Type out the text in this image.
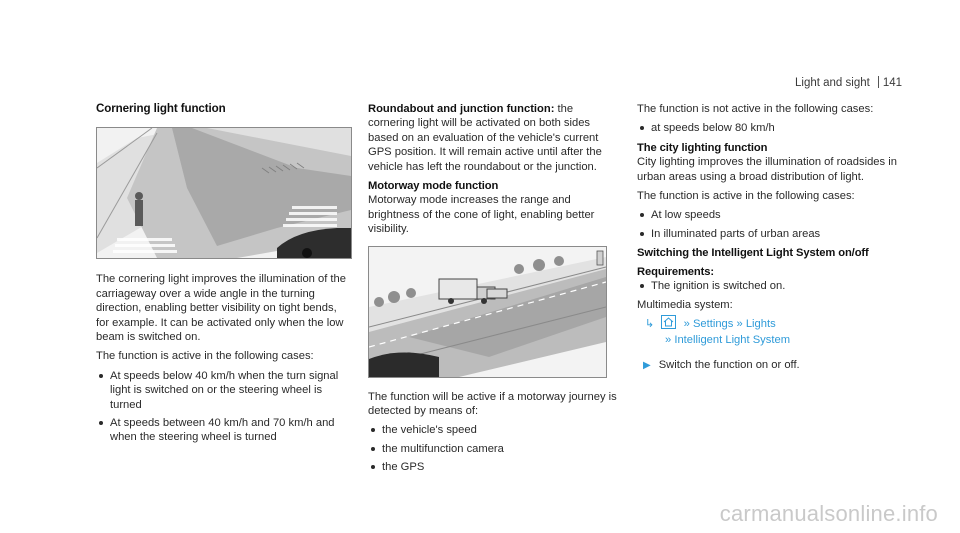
Light and sight 141
Cornering light function

The cornering light improves the illumination of the carriageway over a wide angle in the turning direction, enabling better visibility on tight bends, for example. It can be activated only when the low beam is switched on.

The function is active in the following cases:

At speeds below 40 km/h when the turn signal light is switched on or the steering wheel is turned
At speeds between 40 km/h and 70 km/h and when the steering wheel is turned

Roundabout and junction function: the cornering light will be activated on both sides based on an evaluation of the vehicle's current GPS position. It will remain active until after the vehicle has left the roundabout or the junction.

Motorway mode function

Motorway mode increases the range and brightness of the cone of light, enabling better visibility.

The function will be active if a motorway journey is detected by means of:

the vehicle's speed
the multifunction camera
the GPS

The function is not active in the following cases:

at speeds below 80 km/h
The city lighting function

City lighting improves the illumination of roadsides in urban areas using a broad distribution of light.

The function is active in the following cases:

At low speeds
In illuminated parts of urban areas
Switching the Intelligent Light System on/off
Requirements:
The ignition is switched on.

Multimedia system:

↳	» Settings » Lights
» Intelligent Light System

▶ Switch the function on or off.

carmanualsonline.info
